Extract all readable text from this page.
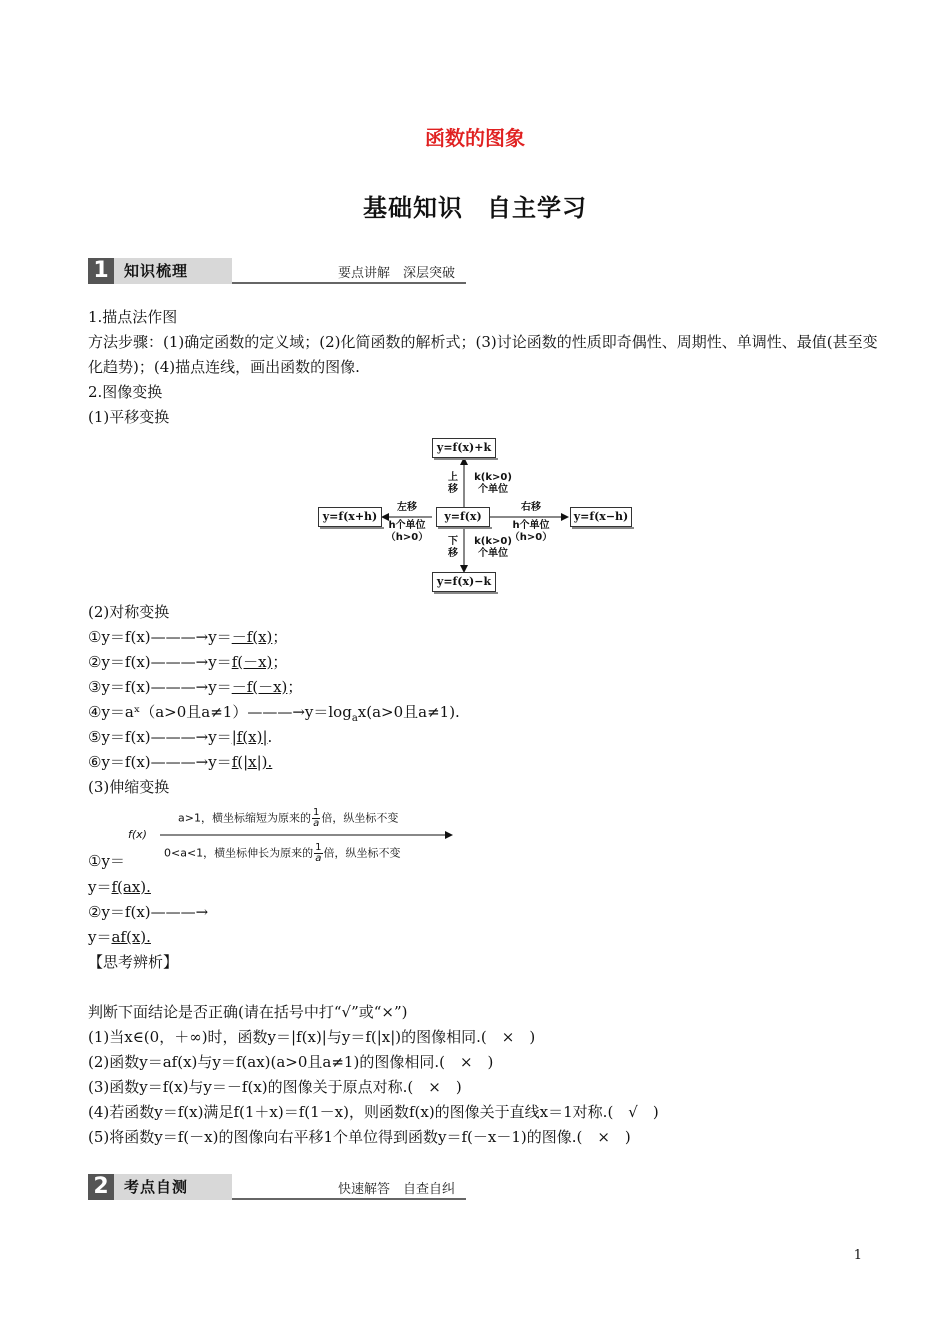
函数的图象
基础知识 自主学习
1	知识梳理	要点讲解　深层突破
1.描点法作图
方法步骤：(1)确定函数的定义域；(2)化简函数的解析式；(3)讨论函数的性质即奇偶性、周期性、单调性、最值(甚至变化趋势)；(4)描点连线，画出函数的图像.
2.图像变换
(1)平移变换
y=f(x)+k
y=f(x+h)	y=f(x)	y=f(x−h)
y=f(x)−k
上
移
k(k>0)
个单位
下
移
k(k>0)
个单位
左移
h个单位
（h>0）
右移
h个单位
（h>0）
(2)对称变换
①y＝f(x)———→y＝－f(x)；
②y＝f(x)———→y＝f(－x)；
③y＝f(x)———→y＝－f(－x)；
④y＝aˣ（a>0且$a\ne 1)———\to y=\log_ax(a>0$且a≠1).
⑤y＝f(x)———→y＝|f(x)|.
⑥y＝f(x)———→y＝f(|x|).
(3)伸缩变换
f(x)
a>1，横坐标缩短为原来的 $\frac{1}{a}$ 倍，纵坐标不变
0<a<1，横坐标伸长为原来的 $\frac{1}{a}$ 倍，纵坐标不变
①y＝
y＝f(ax).
②y＝f(x)———→
y＝af(x).
【思考辨析】
判断下面结论是否正确(请在括号中打“√”或“×”)
(1)当x∈(0，＋∞)时，函数y＝|f(x)|与y＝f(|x|)的图像相同.(　×　)
(2)函数y＝af(x)与y＝f(ax)(a>0且a≠1)的图像相同.(　×　)
(3)函数y＝f(x)与y＝－f(x)的图像关于原点对称.(　×　)
(4)若函数y＝f(x)满足f(1＋x)＝f(1－x)，则函数f(x)的图像关于直线x＝1对称.(　√　)
(5)将函数y＝f(－x)的图像向右平移1个单位得到函数y＝f(－x－1)的图像.(　×　)
2	考点自测	快速解答　自查自纠
1
